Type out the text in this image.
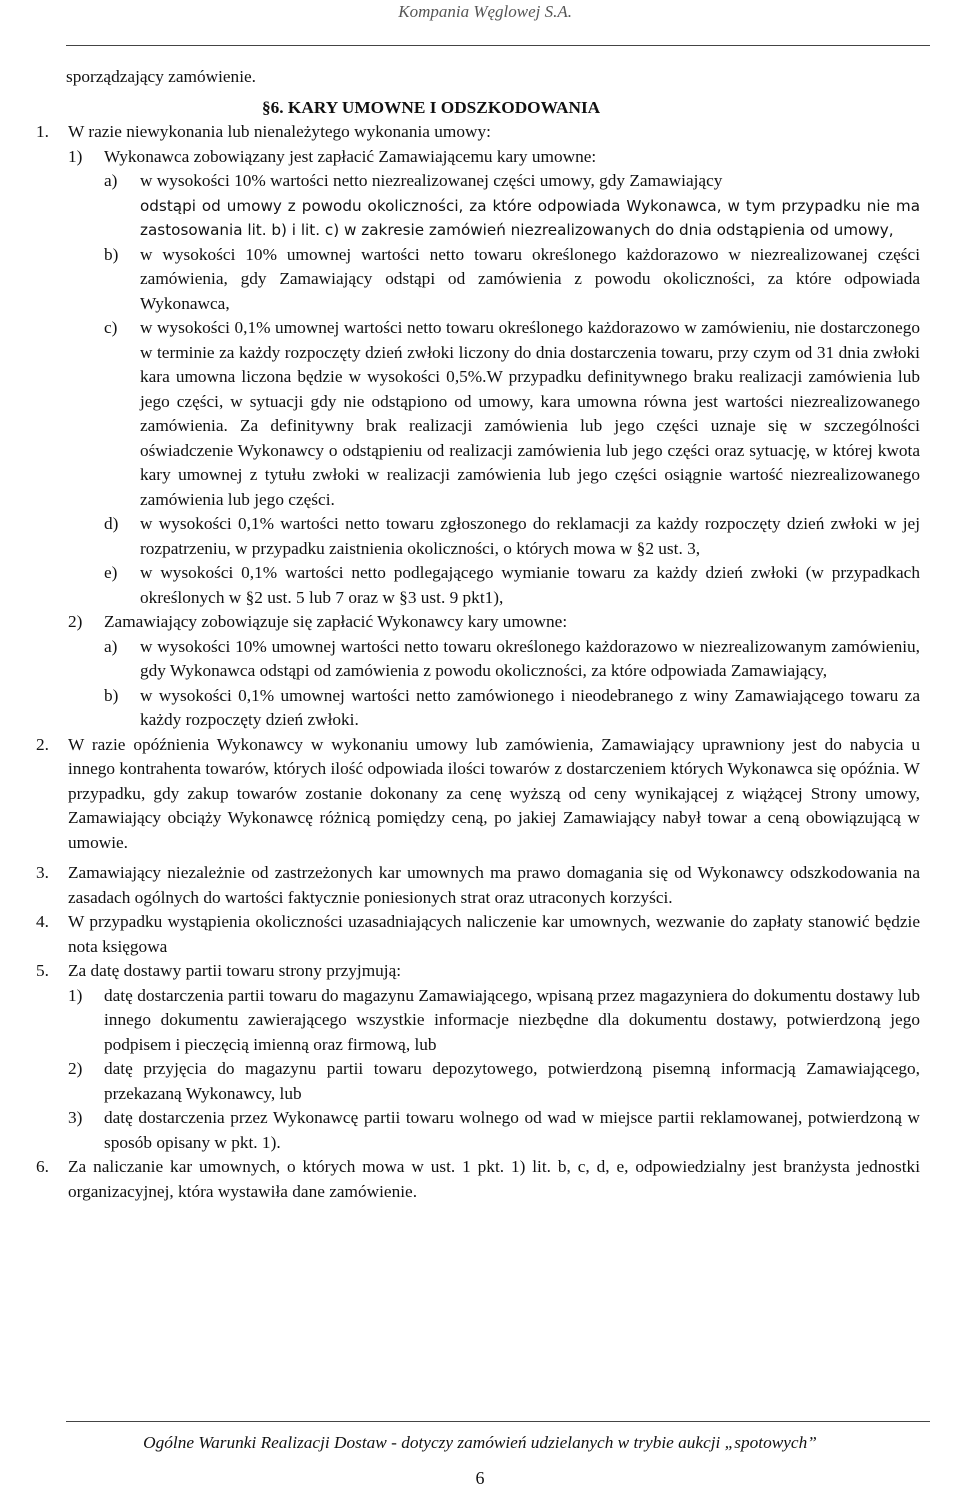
Kompania Węglowej S.A.

sporządzający zamówienie.

§6. KARY UMOWNE I ODSZKODOWANIA

1. W razie niewykonania lub nienależytego wykonania umowy:

1) Wykonawca zobowiązany jest zapłacić Zamawiającemu kary umowne:

a) w wysokości 10% wartości netto niezrealizowanej części umowy, gdy Zamawiający

odstąpi od umowy z powodu okoliczności, za które odpowiada Wykonawca, w tym przypadku nie ma zastosowania lit. b) i lit. c) w zakresie zamówień niezrealizowanych do dnia odstąpienia od umowy,

b) w wysokości 10% umownej wartości netto towaru określonego każdorazowo w niezrealizowanej części zamówienia, gdy Zamawiający odstąpi od zamówienia z powodu okoliczności, za które odpowiada Wykonawca,

c) w wysokości 0,1% umownej wartości netto towaru określonego każdorazowo w zamówieniu, nie dostarczonego w terminie za każdy rozpoczęty dzień zwłoki liczony do dnia dostarczenia towaru, przy czym od 31 dnia zwłoki kara umowna liczona będzie w wysokości 0,5%.W przypadku definitywnego braku realizacji zamówienia lub jego części, w sytuacji gdy nie odstąpiono od umowy, kara umowna równa jest wartości niezrealizowanego zamówienia. Za definitywny brak realizacji zamówienia lub jego części uznaje się w szczególności oświadczenie Wykonawcy o odstąpieniu od realizacji zamówienia lub jego części oraz sytuację, w której kwota kary umownej z tytułu zwłoki w realizacji zamówienia lub jego części osiągnie wartość niezrealizowanego zamówienia lub jego części.

d) w wysokości 0,1% wartości netto towaru zgłoszonego do reklamacji za każdy rozpoczęty dzień zwłoki w jej rozpatrzeniu, w przypadku zaistnienia okoliczności, o których mowa w §2 ust. 3,

e) w wysokości 0,1% wartości netto podlegającego wymianie towaru za każdy dzień zwłoki (w przypadkach określonych w §2 ust. 5 lub 7 oraz w §3 ust. 9 pkt1),

2) Zamawiający zobowiązuje się zapłacić Wykonawcy kary umowne:

a) w wysokości 10% umownej wartości netto towaru określonego każdorazowo w niezrealizowanym zamówieniu, gdy Wykonawca odstąpi od zamówienia z powodu okoliczności, za które odpowiada Zamawiający,

b) w wysokości 0,1% umownej wartości netto zamówionego i nieodebranego z winy Zamawiającego towaru za każdy rozpoczęty dzień zwłoki.

2. W razie opóźnienia Wykonawcy w wykonaniu umowy lub zamówienia, Zamawiający uprawniony jest do nabycia u innego kontrahenta towarów, których ilość odpowiada ilości towarów z dostarczeniem których Wykonawca się opóźnia. W przypadku, gdy zakup towarów zostanie dokonany za cenę wyższą od ceny wynikającej z wiążącej Strony umowy, Zamawiający obciąży Wykonawcę różnicą pomiędzy ceną, po jakiej Zamawiający nabył towar a ceną obowiązującą w umowie.

3. Zamawiający niezależnie od zastrzeżonych kar umownych ma prawo domagania się od Wykonawcy odszkodowania na zasadach ogólnych do wartości faktycznie poniesionych strat oraz utraconych korzyści.

4. W przypadku wystąpienia okoliczności uzasadniających naliczenie kar umownych, wezwanie do zapłaty stanowić będzie nota księgowa

5. Za datę dostawy partii towaru strony przyjmują:

1) datę dostarczenia partii towaru do magazynu Zamawiającego, wpisaną przez magazyniera do dokumentu dostawy lub innego dokumentu zawierającego wszystkie informacje niezbędne dla dokumentu dostawy, potwierdzoną jego podpisem i pieczęcią imienną oraz firmową, lub

2) datę przyjęcia do magazynu partii towaru depozytowego, potwierdzoną pisemną informacją Zamawiającego, przekazaną Wykonawcy, lub

3) datę dostarczenia przez Wykonawcę partii towaru wolnego od wad w miejsce partii reklamowanej, potwierdzoną w sposób opisany w pkt. 1).

6. Za naliczanie kar umownych, o których mowa w ust. 1 pkt. 1) lit. b, c, d, e, odpowiedzialny jest branżysta jednostki organizacyjnej, która wystawiła dane zamówienie.

Ogólne Warunki Realizacji Dostaw - dotyczy zamówień udzielanych w trybie aukcji „spotowych”
6
